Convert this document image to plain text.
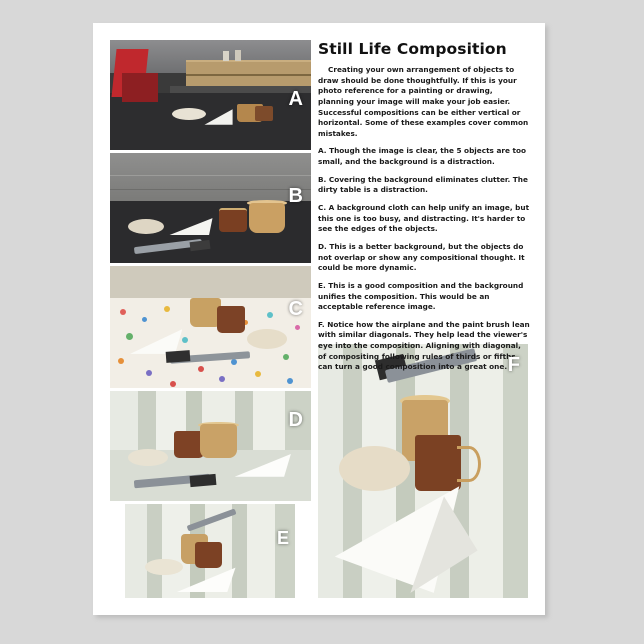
A
B
C
D
E
F
Still Life Composition

Creating your own arrangement of objects to draw should be done thoughtfully. If this is your photo reference for a painting or drawing, planning your image will make your job easier. Successful compositions can be either vertical or horizontal. Some of these examples cover common mistakes.

A. Though the image is clear, the 5 objects are too small, and the background is a distraction.

B. Covering the background eliminates clutter. The dirty table is a distraction.

C. A background cloth can help unify an image, but this one is too busy, and distracting. It's harder to see the edges of the objects.

D. This is a better background, but the objects do not overlap or show any compositional thought. It could be more dynamic.

E. This is a good composition and the background unifies the composition. This would be an acceptable reference image.

F. Notice how the airplane and the paint brush lean with similar diagonals. They help lead the viewer's eye into the composition. Aligning with diagonal, of compositing following rules of thirds or fifths can turn a good composition into a great one.
